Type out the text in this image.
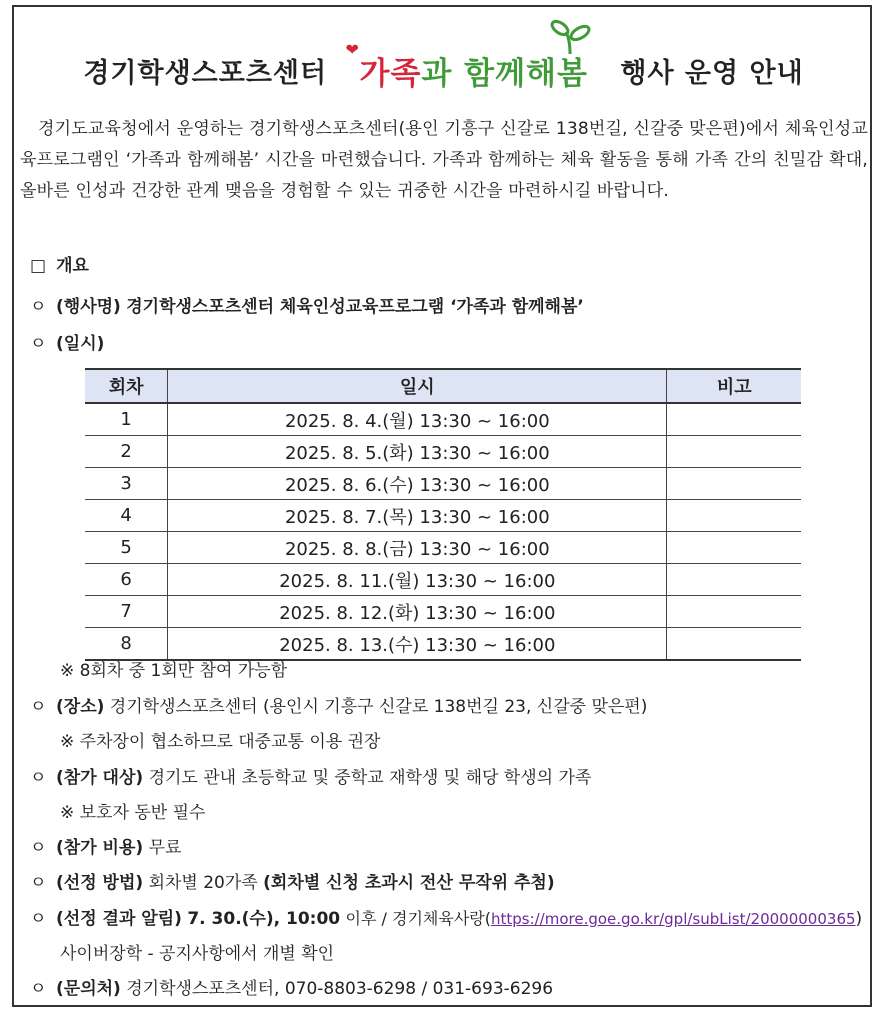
경기학생스포츠센터
❤
가족과 함께해봄 행사 운영 안내

경기도교육청에서 운영하는 경기학생스포츠센터(용인 기흥구 신갈로 138번길, 신갈중 맞은편)에서 체육인성교육프로그램인 ‘가족과 함께해봄’ 시간을 마련했습니다. 가족과 함께하는 체육 활동을 통해 가족 간의 친밀감 확대, 올바른 인성과 건강한 관계 맺음을 경험할 수 있는 귀중한 시간을 마련하시길 바랍니다.

□ 개요
ㅇ (행사명) 경기학생스포츠센터 체육인성교육프로그램 ‘가족과 함께해봄’
ㅇ (일시)
회차	일시	비고
1	2025. 8. 4.(월) 13:30 ~ 16:00	
2	2025. 8. 5.(화) 13:30 ~ 16:00	
3	2025. 8. 6.(수) 13:30 ~ 16:00	
4	2025. 8. 7.(목) 13:30 ~ 16:00	
5	2025. 8. 8.(금) 13:30 ~ 16:00	
6	2025. 8. 11.(월) 13:30 ~ 16:00	
7	2025. 8. 12.(화) 13:30 ~ 16:00	
8	2025. 8. 13.(수) 13:30 ~ 16:00	
※ 8회차 중 1회만 참여 가능함
ㅇ (장소) 경기학생스포츠센터 (용인시 기흥구 신갈로 138번길 23, 신갈중 맞은편)
※ 주차장이 협소하므로 대중교통 이용 권장
ㅇ (참가 대상) 경기도 관내 초등학교 및 중학교 재학생 및 해당 학생의 가족
※ 보호자 동반 필수
ㅇ (참가 비용) 무료
ㅇ (선정 방법) 회차별 20가족 (회차별 신청 초과시 전산 무작위 추첨)
ㅇ (선정 결과 알림) 7. 30.(수), 10:00 이후 / 경기체육사랑(https://more.goe.go.kr/gpl/subList/20000000365)
사이버장학 - 공지사항에서 개별 확인
ㅇ (문의처) 경기학생스포츠센터, 070-8803-6298 / 031-693-6296
